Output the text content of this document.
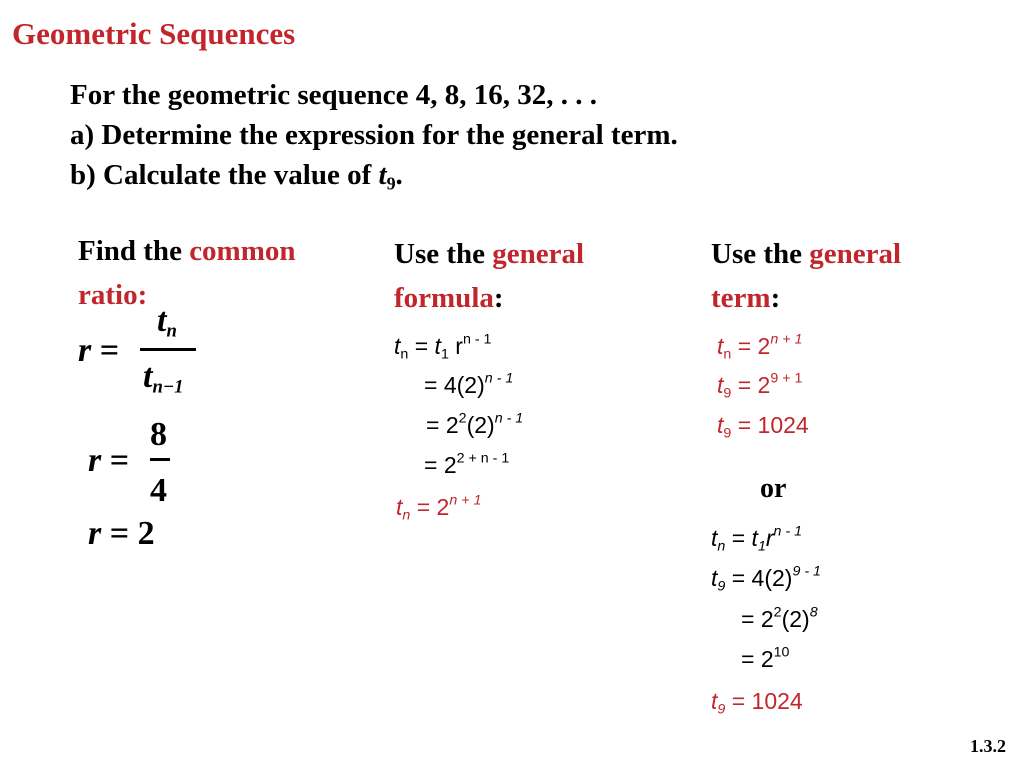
Geometric Sequences
For the geometric sequence 4, 8, 16, 32, . . .
a) Determine the expression for the general term.
b) Calculate the value of $t_9$.
Find the common
ratio:
r =
$t_n$
$t_{n-1}$
r =
8
4
r = 2
Use the general
formula:
$t_n = t_1$ $r^{n - 1}$
= $4(2)^{n - 1}$
= $2^2(2)^{n - 1}$
= $2^{2 + n - 1}$
$t_n = 2^{n + 1}$
Use the general
term:
$t_n = 2^{n + 1}$
$t_9 = 2^{9 + 1}$
$t_9 = 1024$
or
$t_n = t_1r^{n - 1}$
$t_9 = 4(2)^{9 - 1}$
= $2^2(2)^8$
= $2^{10}$
$t_9 = 1024$
1.3.2
